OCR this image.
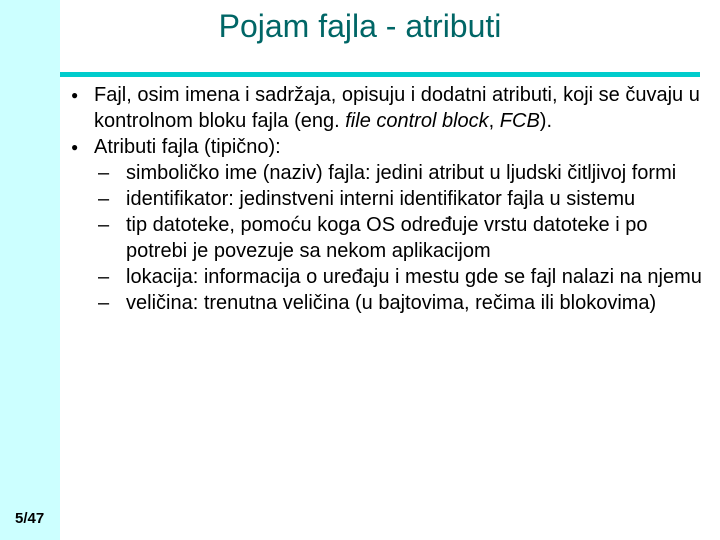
5/47
Pojam fajla - atributi
● Fajl, osim imena i sadržaja, opisuju i dodatni atributi, koji se čuvaju u kontrolnom bloku fajla (eng. file control block, FCB).
● Atributi fajla (tipično):
– simboličko ime (naziv) fajla: jedini atribut u ljudski čitljivoj formi
– identifikator: jedinstveni interni identifikator fajla u sistemu
– tip datoteke, pomoću koga OS određuje vrstu datoteke i po potrebi je povezuje sa nekom aplikacijom
– lokacija: informacija o uređaju i mestu gde se fajl nalazi na njemu
– veličina: trenutna veličina (u bajtovima, rečima ili blokovima)
